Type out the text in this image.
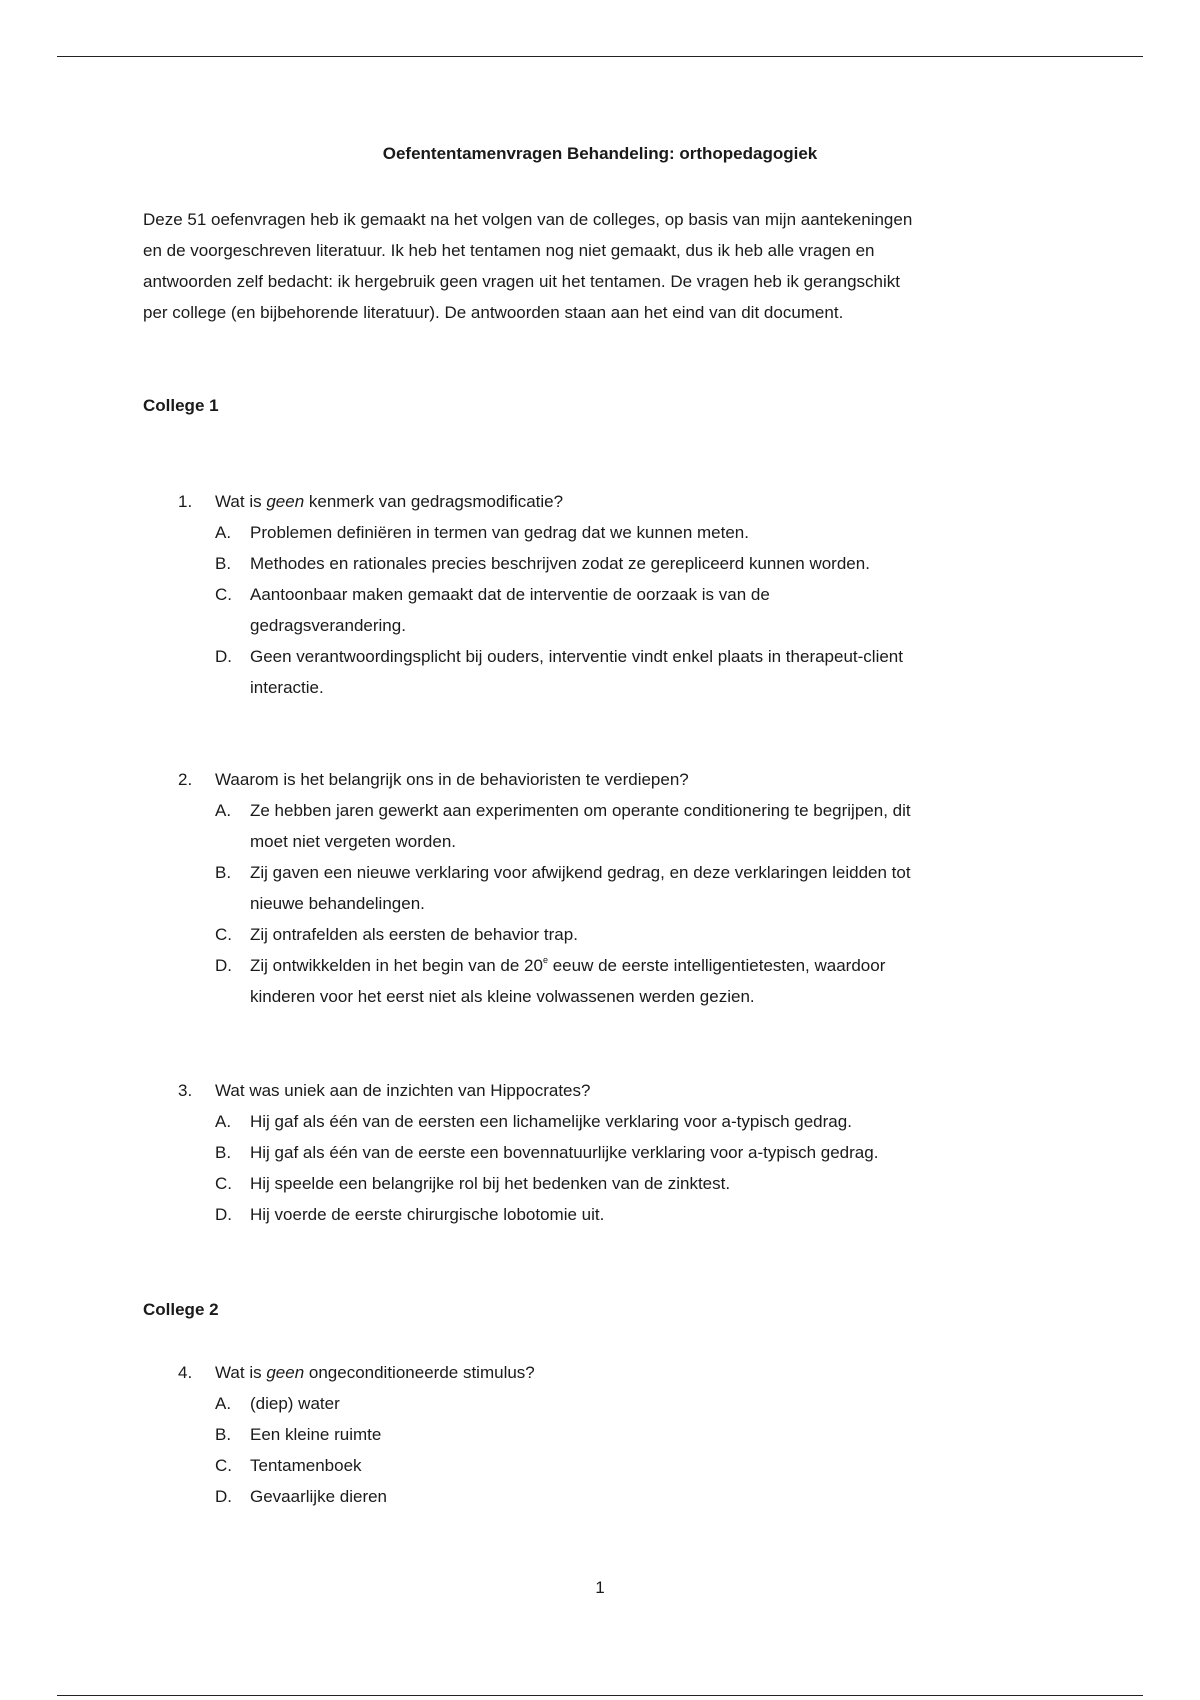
Oefententamenvragen Behandeling: orthopedagogiek

Deze 51 oefenvragen heb ik gemaakt na het volgen van de colleges, op basis van mijn aantekeningen
en de voorgeschreven literatuur. Ik heb het tentamen nog niet gemaakt, dus ik heb alle vragen en
antwoorden zelf bedacht: ik hergebruik geen vragen uit het tentamen. De vragen heb ik gerangschikt
per college (en bijbehorende literatuur). De antwoorden staan aan het eind van dit document.

College 1
1. Wat is geen kenmerk van gedragsmodificatie?
A. Problemen definiëren in termen van gedrag dat we kunnen meten.
B. Methodes en rationales precies beschrijven zodat ze gerepliceerd kunnen worden.
C. Aantoonbaar maken gemaakt dat de interventie de oorzaak is van de
gedragsverandering.
D. Geen verantwoordingsplicht bij ouders, interventie vindt enkel plaats in therapeut-client
interactie.
2. Waarom is het belangrijk ons in de behavioristen te verdiepen?
A. Ze hebben jaren gewerkt aan experimenten om operante conditionering te begrijpen, dit
moet niet vergeten worden.
B. Zij gaven een nieuwe verklaring voor afwijkend gedrag, en deze verklaringen leidden tot
nieuwe behandelingen.
C. Zij ontrafelden als eersten de behavior trap.
D. Zij ontwikkelden in het begin van de 20e eeuw de eerste intelligentietesten, waardoor
kinderen voor het eerst niet als kleine volwassenen werden gezien.
3. Wat was uniek aan de inzichten van Hippocrates?
A. Hij gaf als één van de eersten een lichamelijke verklaring voor a-typisch gedrag.
B. Hij gaf als één van de eerste een bovennatuurlijke verklaring voor a-typisch gedrag.
C. Hij speelde een belangrijke rol bij het bedenken van de zinktest.
D. Hij voerde de eerste chirurgische lobotomie uit.
College 2
4. Wat is geen ongeconditioneerde stimulus?
A. (diep) water
B. Een kleine ruimte
C. Tentamenboek
D. Gevaarlijke dieren

1
